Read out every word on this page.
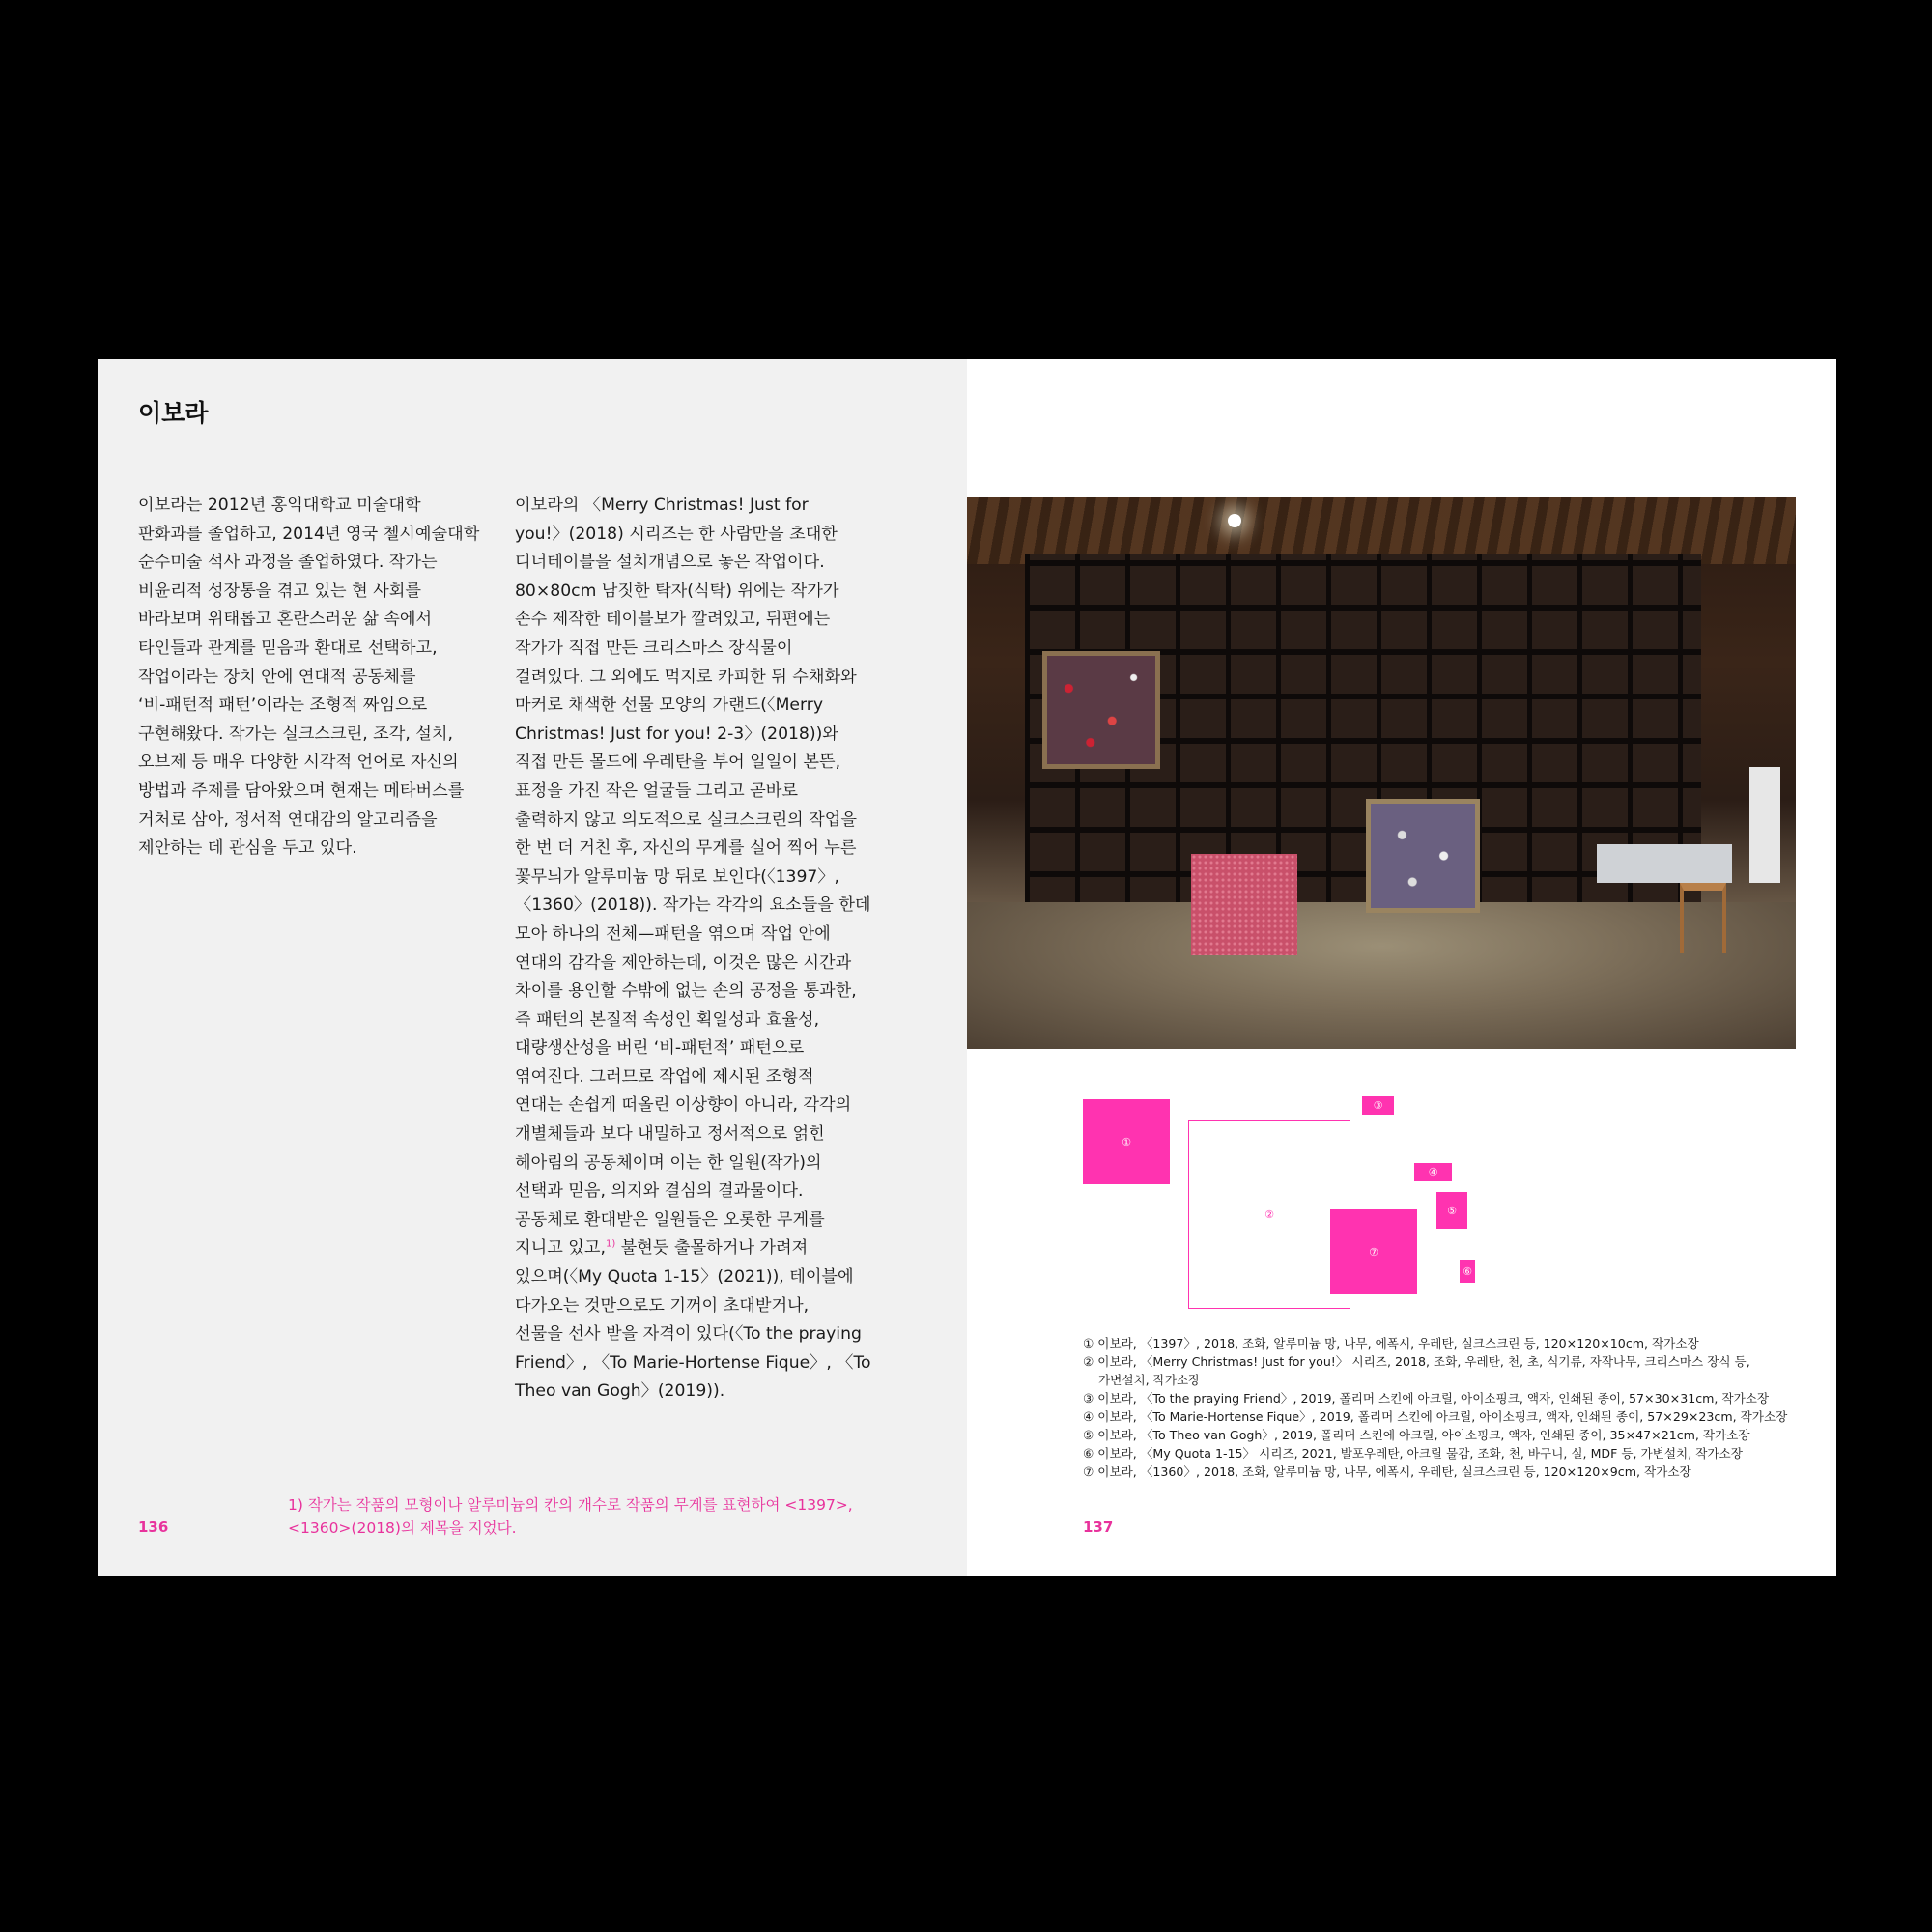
이보라

이보라는 2012년 홍익대학교 미술대학
판화과를 졸업하고, 2014년 영국 첼시예술대학
순수미술 석사 과정을 졸업하였다. 작가는
비윤리적 성장통을 겪고 있는 현 사회를
바라보며 위태롭고 혼란스러운 삶 속에서
타인들과 관계를 믿음과 환대로 선택하고,
작업이라는 장치 안에 연대적 공동체를
‘비-패턴적 패턴’이라는 조형적 짜임으로
구현해왔다. 작가는 실크스크린, 조각, 설치,
오브제 등 매우 다양한 시각적 언어로 자신의
방법과 주제를 담아왔으며 현재는 메타버스를
거처로 삼아, 정서적 연대감의 알고리즘을
제안하는 데 관심을 두고 있다.

이보라의 〈Merry Christmas! Just for
you!〉(2018) 시리즈는 한 사람만을 초대한
디너테이블을 설치개념으로 놓은 작업이다.
80×80cm 남짓한 탁자(식탁) 위에는 작가가
손수 제작한 테이블보가 깔려있고, 뒤편에는
작가가 직접 만든 크리스마스 장식물이
걸려있다. 그 외에도 먹지로 카피한 뒤 수채화와
마커로 채색한 선물 모양의 가랜드(〈Merry
Christmas! Just for you! 2-3〉(2018))와
직접 만든 몰드에 우레탄을 부어 일일이 본뜬,
표정을 가진 작은 얼굴들 그리고 곧바로
출력하지 않고 의도적으로 실크스크린의 작업을
한 번 더 거친 후, 자신의 무게를 실어 찍어 누른
꽃무늬가 알루미늄 망 뒤로 보인다(〈1397〉,
〈1360〉(2018)). 작가는 각각의 요소들을 한데
모아 하나의 전체—패턴을 엮으며 작업 안에
연대의 감각을 제안하는데, 이것은 많은 시간과
차이를 용인할 수밖에 없는 손의 공정을 통과한,
즉 패턴의 본질적 속성인 획일성과 효율성,
대량생산성을 버린 ‘비-패턴적’ 패턴으로
엮여진다. 그러므로 작업에 제시된 조형적
연대는 손쉽게 떠올린 이상향이 아니라, 각각의
개별체들과 보다 내밀하고 정서적으로 얽힌
헤아림의 공동체이며 이는 한 일원(작가)의
선택과 믿음, 의지와 결심의 결과물이다.
공동체로 환대받은 일원들은 오롯한 무게를
지니고 있고,$^{1)}$ 불현듯 출몰하거나 가려져
있으며(〈My Quota 1-15〉(2021)), 테이블에
다가오는 것만으로도 기꺼이 초대받거나,
선물을 선사 받을 자격이 있다(〈To the praying
Friend〉, 〈To Marie-Hortense Fique〉, 〈To
Theo van Gogh〉(2019)).

1) 작가는 작품의 모형이나 알루미늄의 칸의 개수로 작품의 무게를 표현하여 <1397>,
<1360>(2018)의 제목을 지었다.

136
①
②
③
④
⑤
⑥
⑦
① 이보라, 〈1397〉, 2018, 조화, 알루미늄 망, 나무, 에폭시, 우레탄, 실크스크린 등, 120×120×10cm, 작가소장
② 이보라, 〈Merry Christmas! Just for you!〉 시리즈, 2018, 조화, 우레탄, 천, 초, 식기류, 자작나무, 크리스마스 장식 등,
가변설치, 작가소장
③ 이보라, 〈To the praying Friend〉, 2019, 폴리머 스킨에 아크릴, 아이소핑크, 액자, 인쇄된 종이, 57×30×31cm, 작가소장
④ 이보라, 〈To Marie-Hortense Fique〉, 2019, 폴리머 스킨에 아크릴, 아이소핑크, 액자, 인쇄된 종이, 57×29×23cm, 작가소장
⑤ 이보라, 〈To Theo van Gogh〉, 2019, 폴리머 스킨에 아크릴, 아이소핑크, 액자, 인쇄된 종이, 35×47×21cm, 작가소장
⑥ 이보라, 〈My Quota 1-15〉 시리즈, 2021, 발포우레탄, 아크릴 물감, 조화, 천, 바구니, 실, MDF 등, 가변설치, 작가소장
⑦ 이보라, 〈1360〉, 2018, 조화, 알루미늄 망, 나무, 에폭시, 우레탄, 실크스크린 등, 120×120×9cm, 작가소장
137
